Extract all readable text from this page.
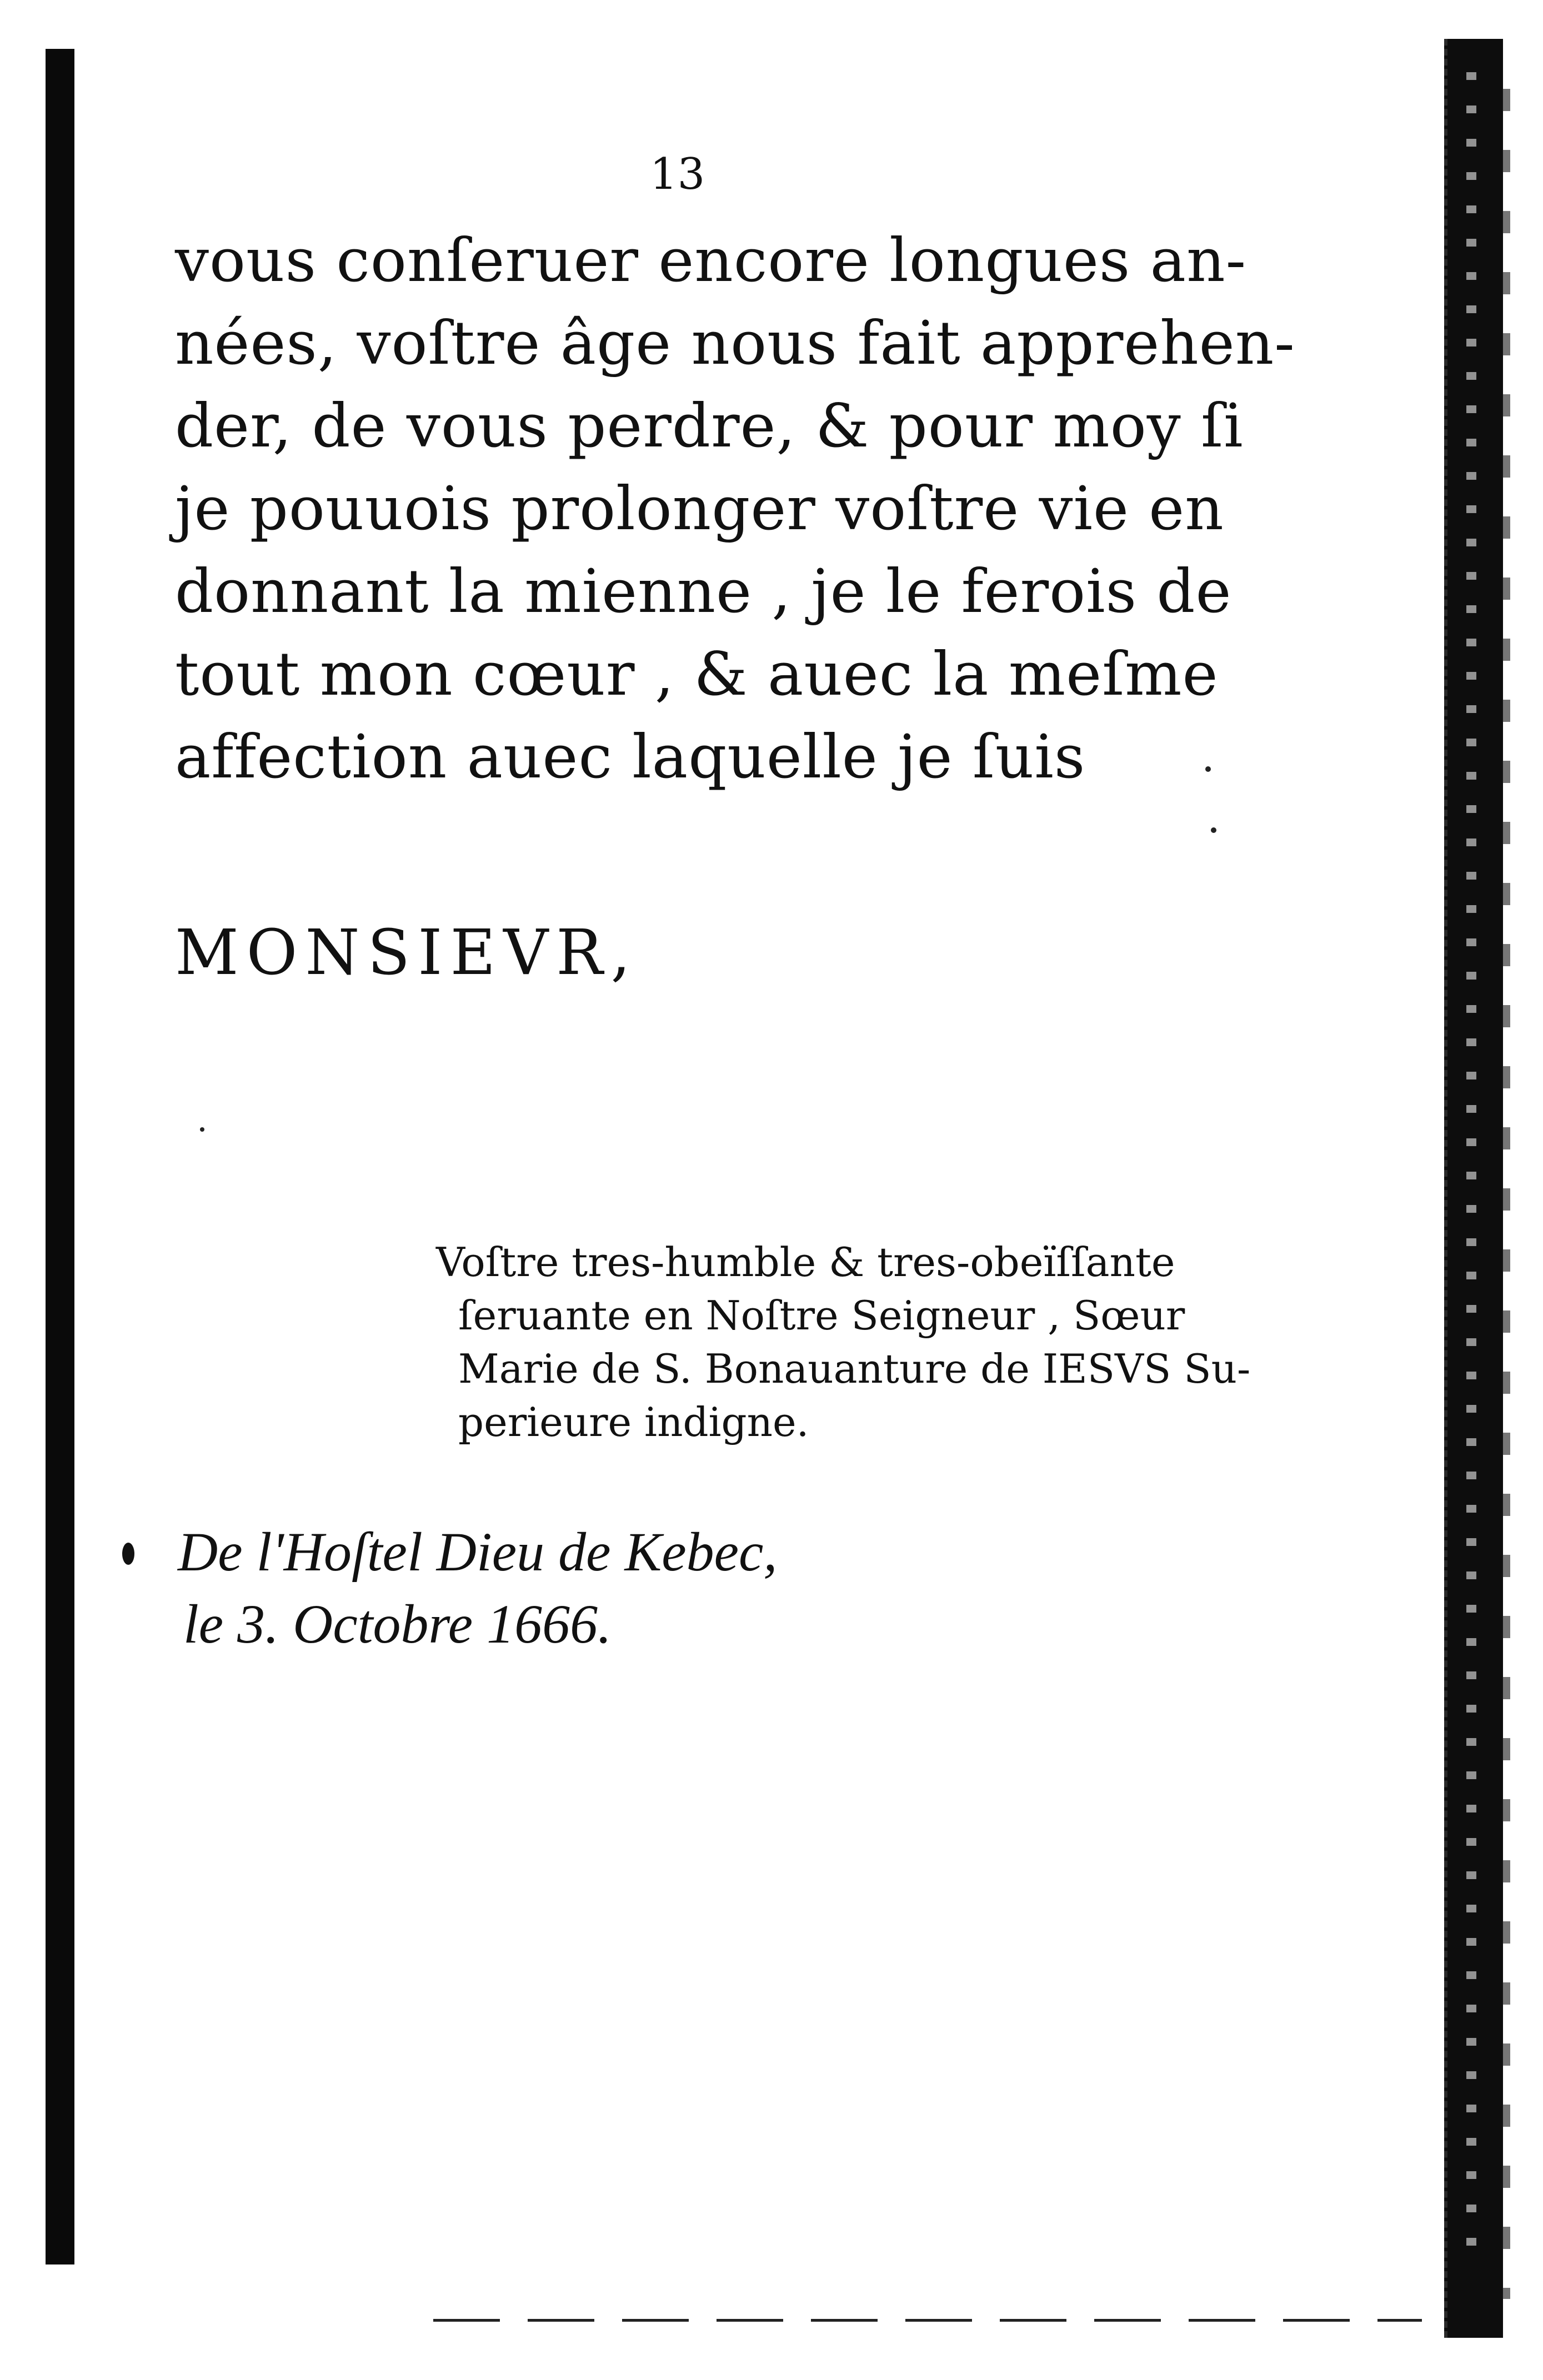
13
vous conſeruer encore longues an-
nées, voſtre âge nous fait apprehen-
der, de vous perdre, & pour moy ſi
je pouuois prolonger voſtre vie en
donnant la mienne , je le ferois de
tout mon cœur , & auec la meſme
affection auec laquelle je ſuis
MONSIEVR,
Voſtre tres-humble & tres-obeïſſante
ſeruante en Noſtre Seigneur , Sœur
Marie de S. Bonauanture de IESVS Su-
perieure indigne.
De l'Hoſtel Dieu de Kebec,
le 3. Octobre 1666.
